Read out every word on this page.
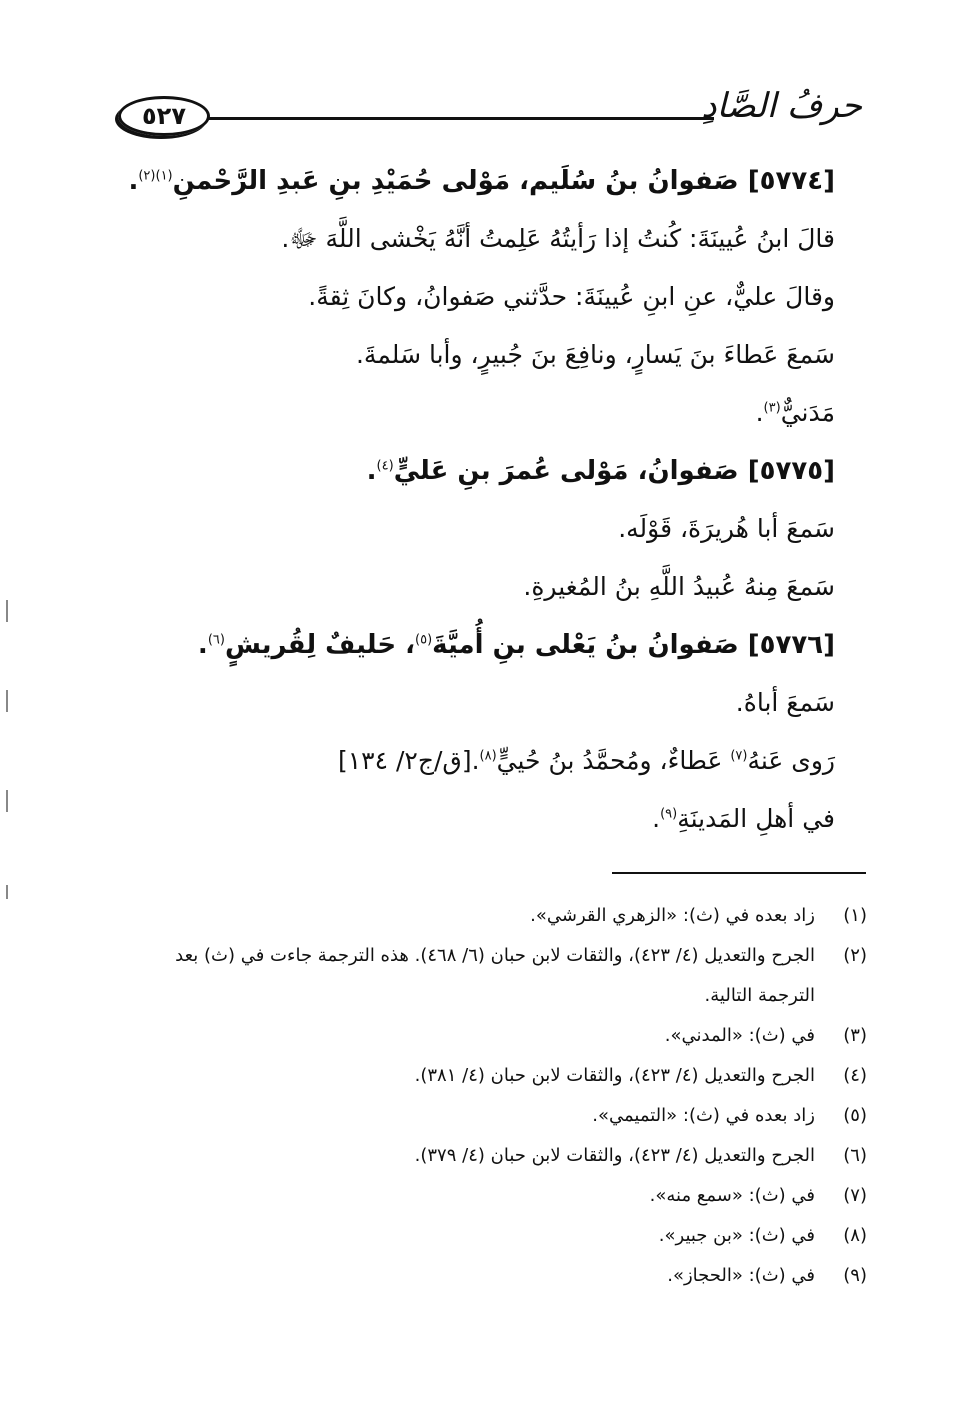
٥٢٧	حرفُ الصَّادِ
[٥٧٧٤] صَفوانُ بنُ سُلَيم، مَوْلى حُمَيْدِ بنِ عَبدِ الرَّحْمنِ$^{(١)(٢)}$.
قالَ ابنُ عُيينَةَ: كُنتُ إذا رَأيتُهُ عَلِمتُ أنَّهُ يَخْشى اللَّهَ ﷻ.
وقالَ عليٌّ، عنِ ابنِ عُيينَةَ: حدَّثني صَفوانُ، وكانَ ثِقةً.
سَمعَ عَطاءَ بنَ يَسارٍ، ونافِعَ بنَ جُبيرٍ، وأبا سَلمةَ.
مَدَنيٌّ$^{(٣)}$.
[٥٧٧٥] صَفوانُ، مَوْلى عُمرَ بنِ عَليٍّ$^{(٤)}$.
سَمعَ أبا هُريرَةَ، قَوْلَه.
سَمعَ مِنهُ عُبيدُ اللَّهِ بنُ المُغيرةِ.
[٥٧٧٦] صَفوانُ بنُ يَعْلى بنِ أُميَّةَ$^{(٥)}$، حَليفٌ لِقُريشٍ$^{(٦)}$.
سَمعَ أباهُ.
رَوى عَنهُ$^{(٧)}$ عَطاءٌ، ومُحمَّدُ بنُ حُييٍّ$^{(٨)}$.[ق/ج٢/ ١٣٤]
في أهلِ المَدينَةِ$^{(٩)}$.
(١)
زاد بعده في (ث): «الزهري القرشي».
(٢)
الجرح والتعديل (٤/ ٤٢٣)، والثقات لابن حبان (٦/ ٤٦٨). هذه الترجمة جاءت في (ث) بعد الترجمة التالية.
(٣)
في (ث): «المدني».
(٤)
الجرح والتعديل (٤/ ٤٢٣)، والثقات لابن حبان (٤/ ٣٨١).
(٥)
زاد بعده في (ث): «التميمي».
(٦)
الجرح والتعديل (٤/ ٤٢٣)، والثقات لابن حبان (٤/ ٣٧٩).
(٧)
في (ث): «سمع منه».
(٨)
في (ث): «بن جبير».
(٩)
في (ث): «الحجاز».
